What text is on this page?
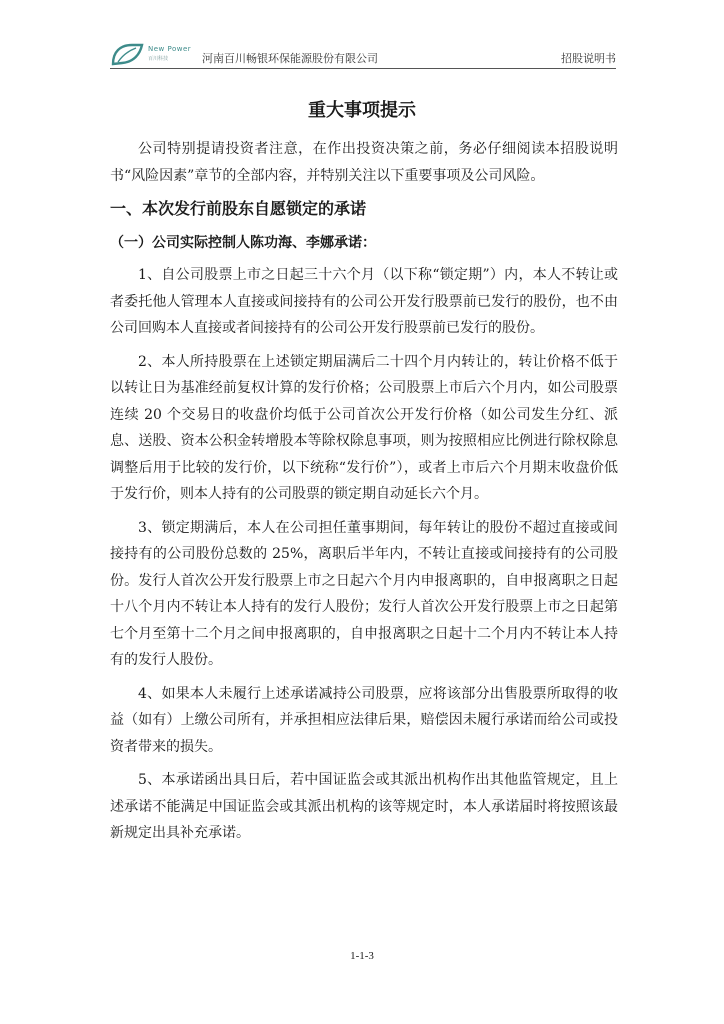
New Power
百川科技	河南百川畅银环保能源股份有限公司	招股说明书
重大事项提示

公司特别提请投资者注意，在作出投资决策之前，务必仔细阅读本招股说明书“风险因素”章节的全部内容，并特别关注以下重要事项及公司风险。

一、本次发行前股东自愿锁定的承诺
（一）公司实际控制人陈功海、李娜承诺：

1、自公司股票上市之日起三十六个月（以下称“锁定期”）内，本人不转让或者委托他人管理本人直接或间接持有的公司公开发行股票前已发行的股份，也不由公司回购本人直接或者间接持有的公司公开发行股票前已发行的股份。

2、本人所持股票在上述锁定期届满后二十四个月内转让的，转让价格不低于以转让日为基准经前复权计算的发行价格；公司股票上市后六个月内，如公司股票连续 20 个交易日的收盘价均低于公司首次公开发行价格（如公司发生分红、派息、送股、资本公积金转增股本等除权除息事项，则为按照相应比例进行除权除息调整后用于比较的发行价，以下统称“发行价”），或者上市后六个月期末收盘价低于发行价，则本人持有的公司股票的锁定期自动延长六个月。

3、锁定期满后，本人在公司担任董事期间，每年转让的股份不超过直接或间接持有的公司股份总数的 25%，离职后半年内，不转让直接或间接持有的公司股份。发行人首次公开发行股票上市之日起六个月内申报离职的，自申报离职之日起十八个月内不转让本人持有的发行人股份；发行人首次公开发行股票上市之日起第七个月至第十二个月之间申报离职的，自申报离职之日起十二个月内不转让本人持有的发行人股份。

4、如果本人未履行上述承诺减持公司股票，应将该部分出售股票所取得的收益（如有）上缴公司所有，并承担相应法律后果，赔偿因未履行承诺而给公司或投资者带来的损失。

5、本承诺函出具日后，若中国证监会或其派出机构作出其他监管规定，且上述承诺不能满足中国证监会或其派出机构的该等规定时，本人承诺届时将按照该最新规定出具补充承诺。

1-1-3
